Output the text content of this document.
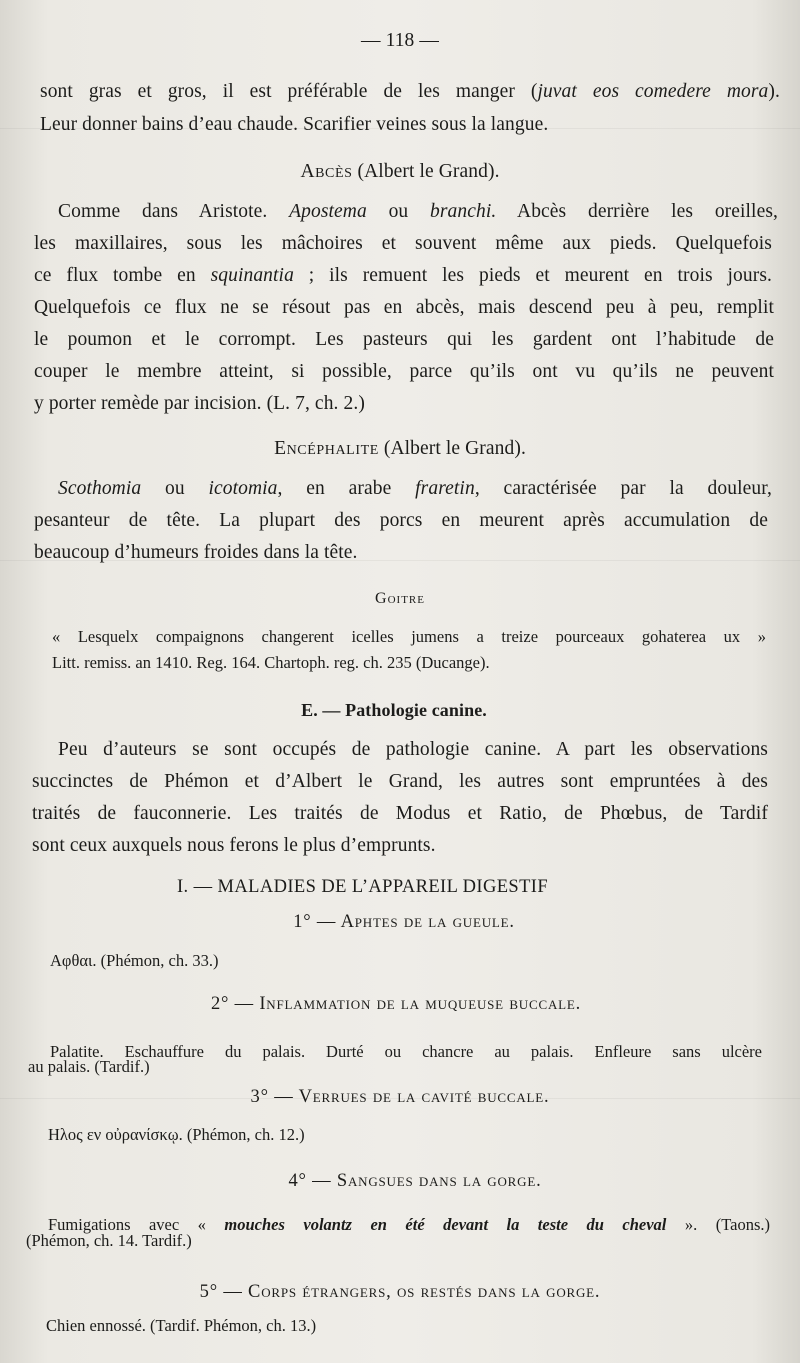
— 118 —
sont gras et gros, il est préférable de les manger (juvat eos comedere mora).
Leur donner bains d’eau chaude. Scarifier veines sous la langue.
Abcès (Albert le Grand).
Comme dans Aristote. Apostema ou branchi. Abcès derrière les oreilles,
les maxillaires, sous les mâchoires et souvent même aux pieds. Quelquefois
ce flux tombe en squinantia ; ils remuent les pieds et meurent en trois jours.
Quelquefois ce flux ne se résout pas en abcès, mais descend peu à peu, remplit
le poumon et le corrompt. Les pasteurs qui les gardent ont l’habitude de
couper le membre atteint, si possible, parce qu’ils ont vu qu’ils ne peuvent
y porter remède par incision. (L. 7, ch. 2.)
Encéphalite (Albert le Grand).
Scothomia ou icotomia, en arabe fraretin, caractérisée par la douleur,
pesanteur de tête. La plupart des porcs en meurent après accumulation de
beaucoup d’humeurs froides dans la tête.
Goitre
« Lesquelx compaignons changerent icelles jumens a treize pourceaux gohaterea ux »
Litt. remiss. an 1410. Reg. 164. Chartoph. reg. ch. 235 (Ducange).
E. — Pathologie canine.
Peu d’auteurs se sont occupés de pathologie canine. A part les observations
succinctes de Phémon et d’Albert le Grand, les autres sont empruntées à des
traités de fauconnerie. Les traités de Modus et Ratio, de Phœbus, de Tardif
sont ceux auxquels nous ferons le plus d’emprunts.
I. — MALADIES DE L’APPAREIL DIGESTIF
1° — Aphtes de la gueule.
Αφθαι. (Phémon, ch. 33.)
2° — Inflammation de la muqueuse buccale.
Palatite. Eschauffure du palais. Durté ou chancre au palais. Enfleure sans ulcère
au palais. (Tardif.)
3° — Verrues de la cavité buccale.
Ηλος εν οὐρανίσκῳ. (Phémon, ch. 12.)
4° — Sangsues dans la gorge.
Fumigations avec « mouches volantz en été devant la teste du cheval ». (Taons.)
(Phémon, ch. 14. Tardif.)
5° — Corps étrangers, os restés dans la gorge.
Chien ennossé. (Tardif. Phémon, ch. 13.)
